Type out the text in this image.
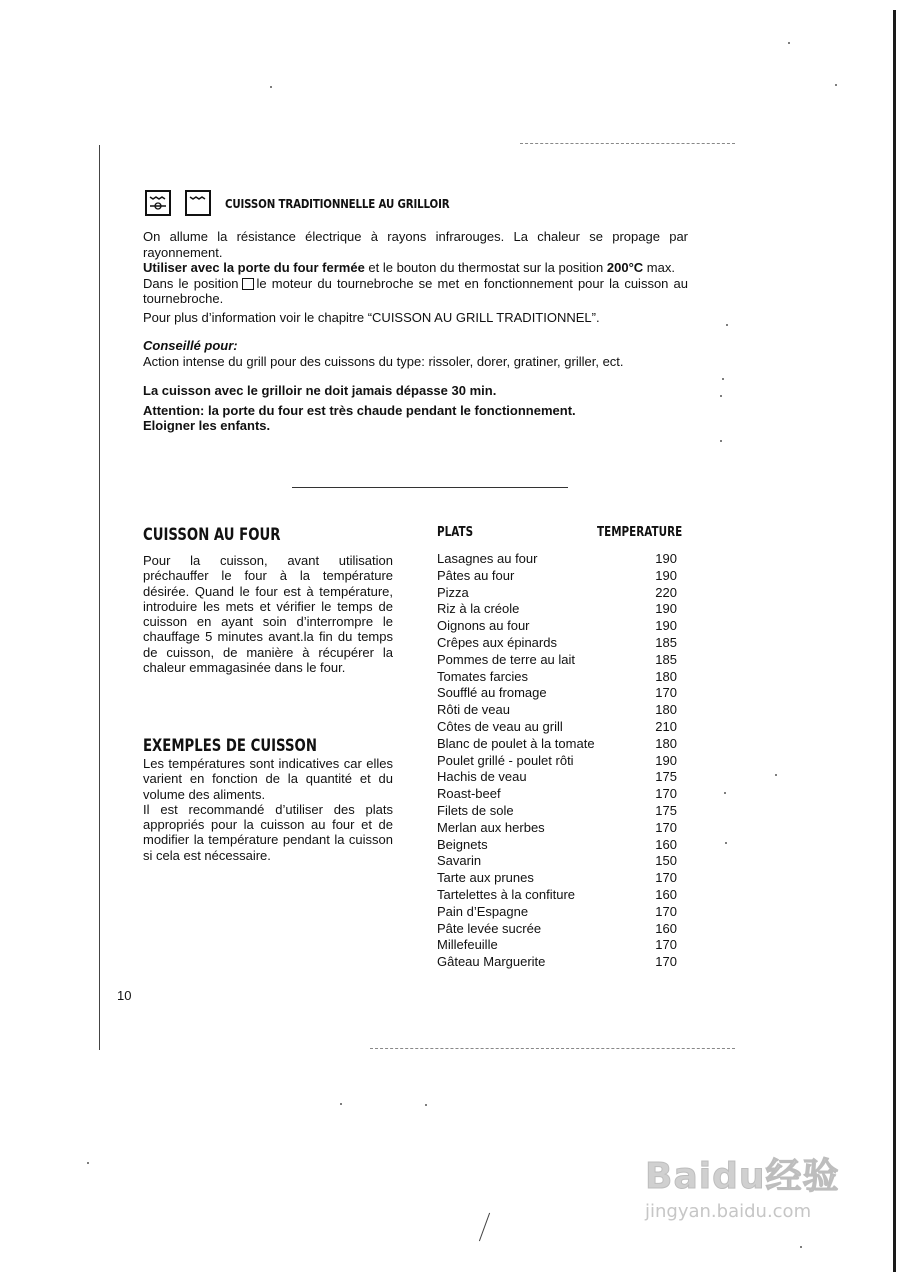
CUISSON TRADITIONNELLE AU GRILLOIR
On allume la résistance électrique à rayons infrarouges. La chaleur se propage par rayonnement.
Utiliser avec la porte du four fermée et le bouton du thermostat sur la position 200°C max.
Dans le position le moteur du tournebroche se met en fonctionnement pour la cuisson au tournebroche.
Pour plus d’information voir le chapitre “CUISSON AU GRILL TRADITIONNEL”.
Conseillé pour:
Action intense du grill pour des cuissons du type: rissoler, dorer, gratiner, griller, ect.
La cuisson avec le grilloir ne doit jamais dépasse 30 min.
Attention: la porte du four est très chaude pendant le fonctionnement.
Eloigner les enfants.
CUISSON AU FOUR
Pour la cuisson, avant utilisation préchauffer le four à la température désirée. Quand le four est à température, introduire les mets et vérifier le temps de cuisson en ayant soin d’interrompre le chauffage 5 minutes avant.la fin du temps de cuisson, de manière à récupérer la chaleur emmagasinée dans le four.
EXEMPLES DE CUISSON
Les températures sont indicatives car elles varient en fonction de la quantité et du volume des aliments.
Il est recommandé d’utiliser des plats appropriés pour la cuisson au four et de modifier la température pendant la cuisson si cela est nécessaire.
PLATS	TEMPERATURE
Lasagnes au four	190
Pâtes au four	190
Pizza	220
Riz à la créole	190
Oignons au four	190
Crêpes aux épinards	185
Pommes de terre au lait	185
Tomates farcies	180
Soufflé au fromage	170
Rôti de veau	180
Côtes de veau au grill	210
Blanc de poulet à la tomate	180
Poulet grillé - poulet rôti	190
Hachis de veau	175
Roast-beef	170
Filets de sole	175
Merlan aux herbes	170
Beignets	160
Savarin	150
Tarte aux prunes	170
Tartelettes à la confiture	160
Pain d’Espagne	170
Pâte levée sucrée	160
Millefeuille	170
Gâteau Marguerite	170
10
Baidu经验
jingyan.baidu.com
